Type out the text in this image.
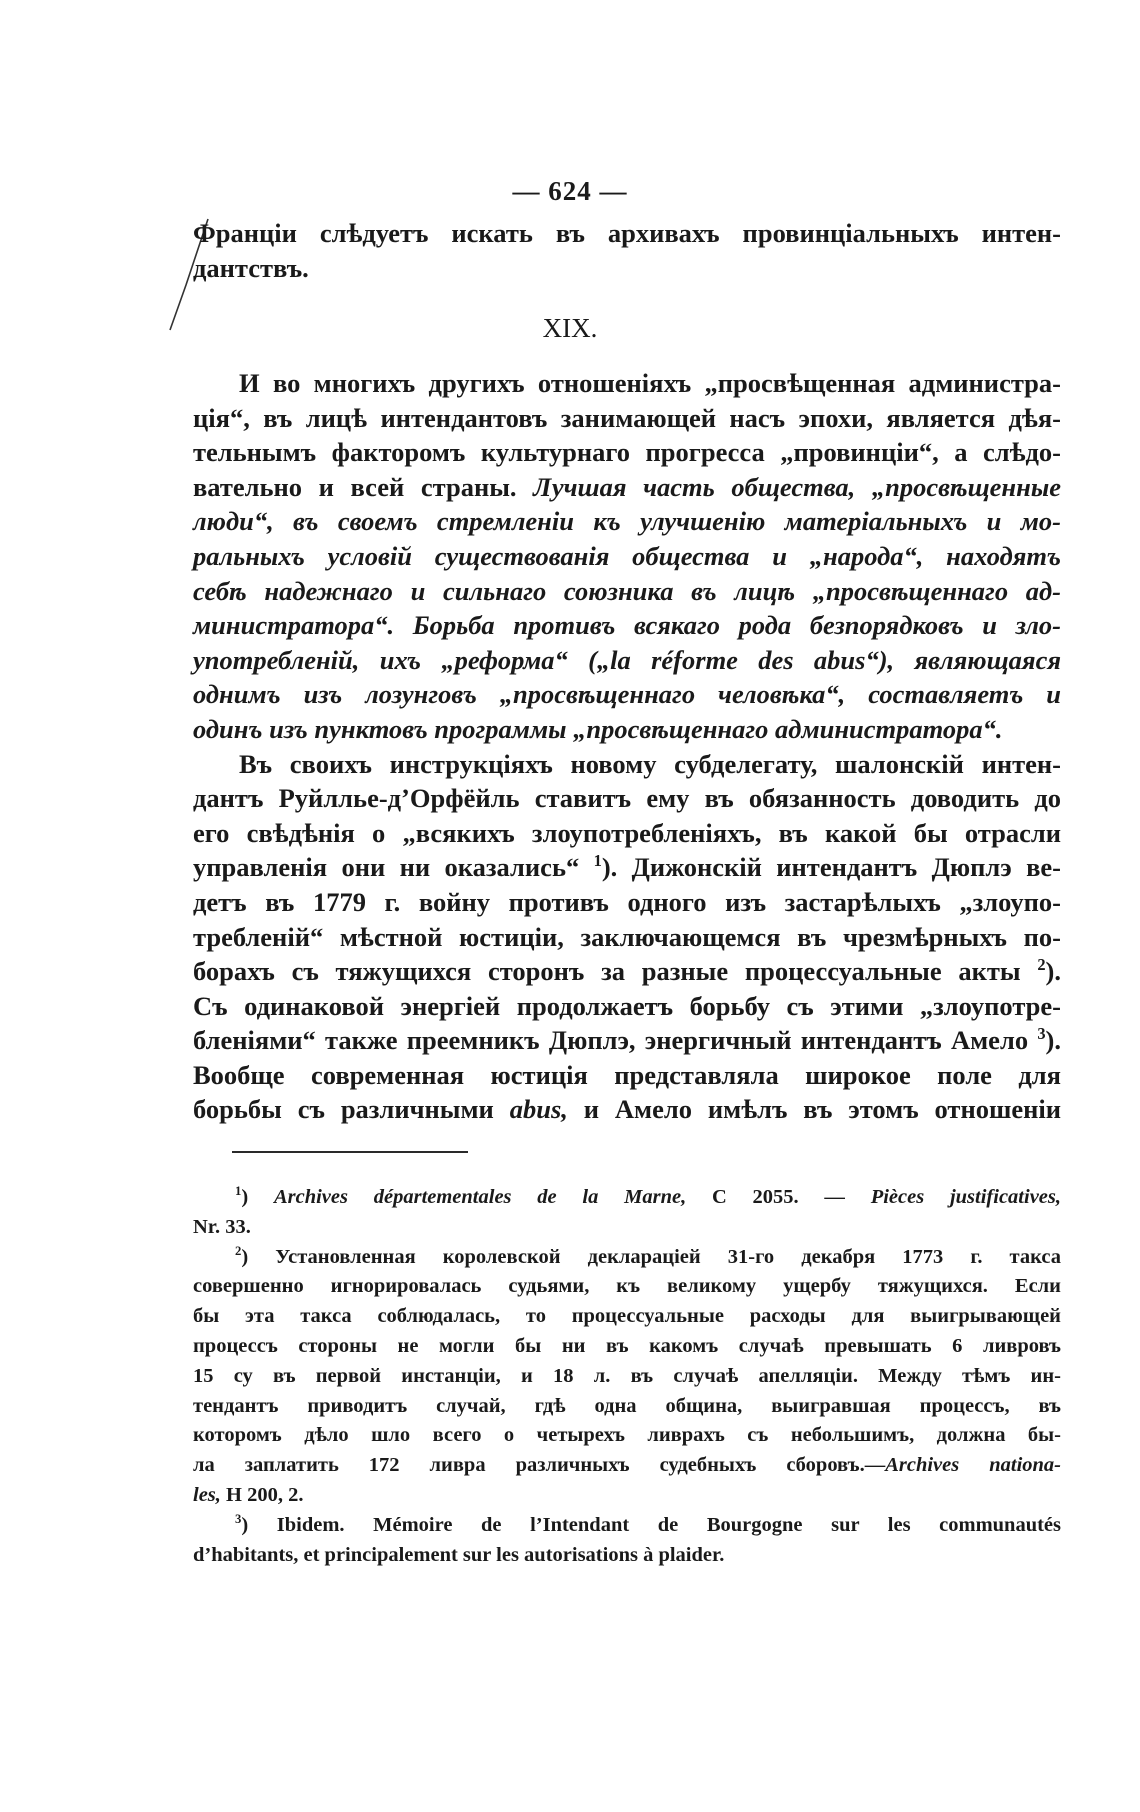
— 624 —
Франціи слѣдуетъ искать въ архивахъ провинціальныхъ интен-
дантствъ.
XIX.
И во многихъ другихъ отношеніяхъ „просвѣщенная администра-
ція“, въ лицѣ интендантовъ занимающей насъ эпохи, является дѣя-
тельнымъ факторомъ культурнаго прогресса „провинціи“, а слѣдо-
вательно и всей страны. Лучшая часть общества, „просвѣщенные
люди“, въ своемъ стремленіи къ улучшенію матеріальныхъ и мо-
ральныхъ условій существованія общества и „народа“, находятъ
себѣ надежнаго и сильнаго союзника въ лицѣ „просвѣщеннаго ад-
министратора“. Борьба противъ всякаго рода безпорядковъ и зло-
употребленій, ихъ „реформа“ („la réforme des abus“), являющаяся
однимъ изъ лозунговъ „просвѣщеннаго человѣка“, составляетъ и
одинъ изъ пунктовъ программы „просвѣщеннаго администратора“.
Въ своихъ инструкціяхъ новому субделегату, шалонскій интен-
дантъ Руйлльe-д’Орфёйль ставитъ ему въ обязанность доводить до
его свѣдѣнія о „всякихъ злоупотребленіяхъ, въ какой бы отрасли
управленія они ни оказались“ $^1$). Дижонскій интендантъ Дюплэ ве-
детъ въ 1779 г. войну противъ одного изъ застарѣлыхъ „злоупо-
требленій“ мѣстной юстиціи, заключающемся въ чрезмѣрныхъ по-
борахъ съ тяжущихся сторонъ за разные процессуальные акты $^2$).
Съ одинаковой энергіей продолжаетъ борьбу съ этими „злоупотре-
бленіями“ также преемникъ Дюплэ, энергичный интендантъ Амело $^3$).
Вообще современная юстиція представляла широкое поле для
борьбы съ различными abus, и Амело имѣлъ въ этомъ отношеніи
$^1$) Archives départementales de la Marne, C 2055. — Pièces justificatives,
Nr. 33.
$^2$) Установленная королевской декларацiей 31-го декабря 1773 г. такса
совершенно игнорировалась судьями, къ великому ущербу тяжущихся. Если
бы эта такса соблюдалась, то процессуальные расходы для выигрывающей
процессъ стороны не могли бы ни въ какомъ случаѣ превышать 6 ливровъ
15 су въ первой инстанціи, и 18 л. въ случаѣ апелляціи. Между тѣмъ ин-
тендантъ приводитъ случай, гдѣ одна община, выигравшая процессъ, въ
которомъ дѣло шло всего о четырехъ ливрахъ съ небольшимъ, должна бы-
ла заплатить 172 ливра различныхъ судебныхъ сборовъ.—Archives nationa-
les, H 200, 2.
$^3$) Ibidem. Mémoire de l’Intendant de Bourgogne sur les communautés
d’habitants, et principalement sur les autorisations à plaider.
